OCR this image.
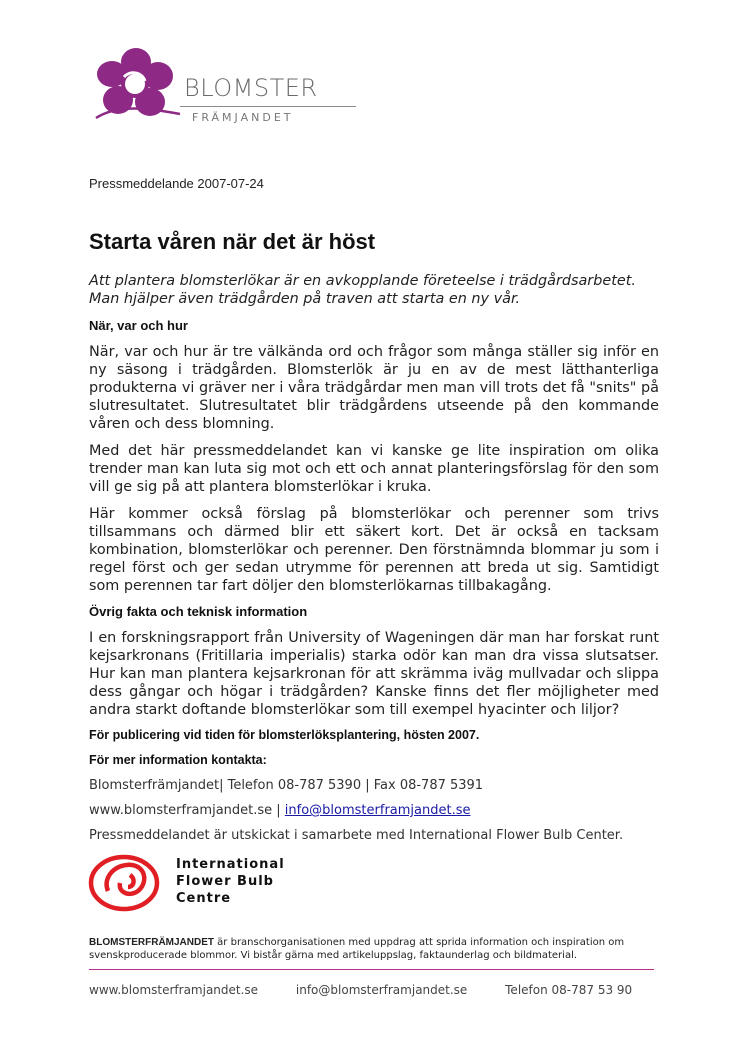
BLOMSTER
FRÄMJANDET
Pressmeddelande 2007-07-24
Starta våren när det är höst

Att plantera blomsterlökar är en avkopplande företeelse i trädgårdsarbetet. Man hjälper även trädgården på traven att starta en ny vår.

När, var och hur

När, var och hur är tre välkända ord och frågor som många ställer sig inför en ny säsong i trädgården. Blomsterlök är ju en av de mest lätthanterliga produkterna vi gräver ner i våra trädgårdar men man vill trots det få "snits" på slutresultatet. Slutresultatet blir trädgårdens utseende på den kommande våren och dess blomning.

Med det här pressmeddelandet kan vi kanske ge lite inspiration om olika trender man kan luta sig mot och ett och annat planteringsförslag för den som vill ge sig på att plantera blomsterlökar i kruka.

Här kommer också förslag på blomsterlökar och perenner som trivs tillsammans och därmed blir ett säkert kort. Det är också en tacksam kombination, blomsterlökar och perenner. Den förstnämnda blommar ju som i regel först och ger sedan utrymme för perennen att breda ut sig. Samtidigt som perennen tar fart döljer den blomsterlökarnas tillbakagång.

Övrig fakta och teknisk information

I en forskningsrapport från University of Wageningen där man har forskat runt kejsarkronans (Fritillaria imperialis) starka odör kan man dra vissa slutsatser. Hur kan man plantera kejsarkronan för att skrämma iväg mullvadar och slippa dess gångar och högar i trädgården? Kanske finns det fler möjligheter med andra starkt doftande blomsterlökar som till exempel hyacinter och liljor?

För publicering vid tiden för blomsterlöksplantering, hösten 2007.

För mer information kontakta:

Blomsterfrämjandet| Telefon 08-787 5390 | Fax 08-787 5391

www.blomsterframjandet.se | info@blomsterframjandet.se

Pressmeddelandet är utskickat i samarbete med International Flower Bulb Center.

International
Flower Bulb
Centre
BLOMSTERFRÄMJANDET är branschorganisationen med uppdrag att sprida information och inspiration om svenskproducerade blommor. Vi bistår gärna med artikeluppslag, faktaunderlag och bildmaterial.
www.blomsterframjandet.se	info@blomsterframjandet.se	Telefon 08-787 53 90
